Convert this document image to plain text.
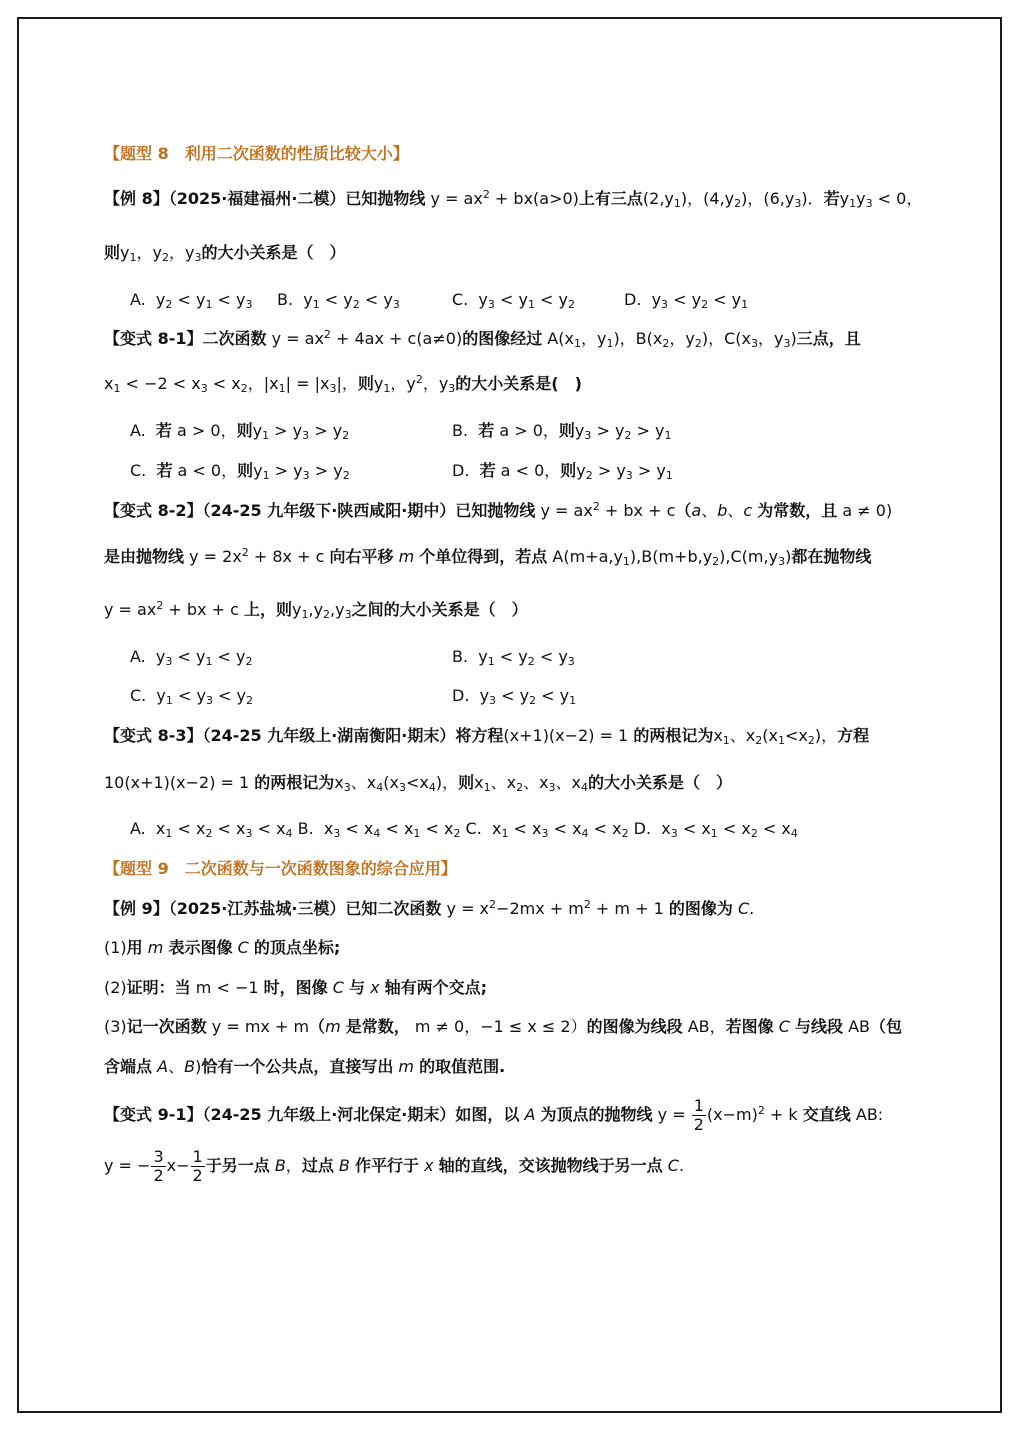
【题型 8　利用二次函数的性质比较大小】
【例 8】（2025·福建福州·二模）已知抛物线 $y = ax^2 + bx(a>0)$上有三点$(2,y_1)$，$(4,y_2)$，$(6,y_3)$．若$y_1y_3 < 0$，
则$y_1$，$y_2$，$y_3$的大小关系是（　）
A.  $y_2 < y_1 < y_3$ B.  $y_1 < y_2 < y_3$	C.  $y_3 < y_1 < y_2$	D.  $y_3 < y_2 < y_1$
【变式 8-1】二次函数 $y = ax^2 + 4ax + c(a\ne 0)$的图像经过 $A(x_1$，$y_1$)，$B(x_2$，$y_2$)，$C(x_3$，$y_3$)三点，且
$x_1 < -2 < x_3 < x_2$，$|x_1| = |x_3|$，则$y_1$，$y^2$，$y_3$的大小关系是(　)
A.  若 a > 0，则$y_1 > y_3 > y_2$	B.  若 a > 0，则$y_3 > y_2 > y_1$
C.  若 a < 0，则$y_1 > y_3 > y_2$	D.  若 a < 0，则$y_2 > y_3 > y_1$
【变式 8-2】（24-25 九年级下·陕西咸阳·期中）已知抛物线 $y = ax^2$ + bx + c（a、b、c 为常数，且 a ≠ 0)
是由抛物线 $y = 2x^2 + 8x + c$ 向右平移 m 个单位得到，若点 $A(m+a,y_1),B(m+b,y_2),C(m,y_3)$都在抛物线
$y = ax^2$ + bx + c 上，则$y_1,y_2,y_3$之间的大小关系是（　）
A.  $y_3 < y_1 < y_2$	B.  $y_1 < y_2 < y_3$
C.  $y_1 < y_3 < y_2$	D.  $y_3 < y_2 < y_1$
【变式 8-3】（24-25 九年级上·湖南衡阳·期末）将方程(x+1)(x−2) = 1 的两根记为$x_1$、$x_2(x_1<x_2)$，方程
10(x+1)(x−2) = 1 的两根记为$x_3$、$x_4(x_3<x_4)$，则$x_1$、$x_2$、$x_3$、$x_4$的大小关系是（　）
A.  $x_1 < x_2 < x_3 < x_4$ B.  $x_3 < x_4 < x_1 < x_2$ C.  $x_1 < x_3 < x_4 < x_2$ D.  $x_3 < x_1 < x_2 < x_4$
【题型 9　二次函数与一次函数图象的综合应用】
【例 9】（2025·江苏盐城·三模）已知二次函数 $y = x^2-2mx + m^2 + m + 1$ 的图像为 C.
(1)用 m 表示图像 C 的顶点坐标;
(2)证明：当 m < −1 时，图像 C 与 x 轴有两个交点;
(3)记一次函数 y = mx + m（m 是常数， m ≠ 0，−1 ≤ x ≤ 2）的图像为线段 AB，若图像 C 与线段 AB（包
含端点 A、B)恰有一个公共点，直接写出 m 的取值范围.
【变式 9-1】（24-25 九年级上·河北保定·期末）如图，以 A 为顶点的抛物线 $y = \frac{1}{2} (x-m)^2 + k$ 交直线 AB:
y = − $\frac{3}{2} x- \frac{1}{2}$ 于另一点 B，过点 B 作平行于 x 轴的直线，交该抛物线于另一点 C.
